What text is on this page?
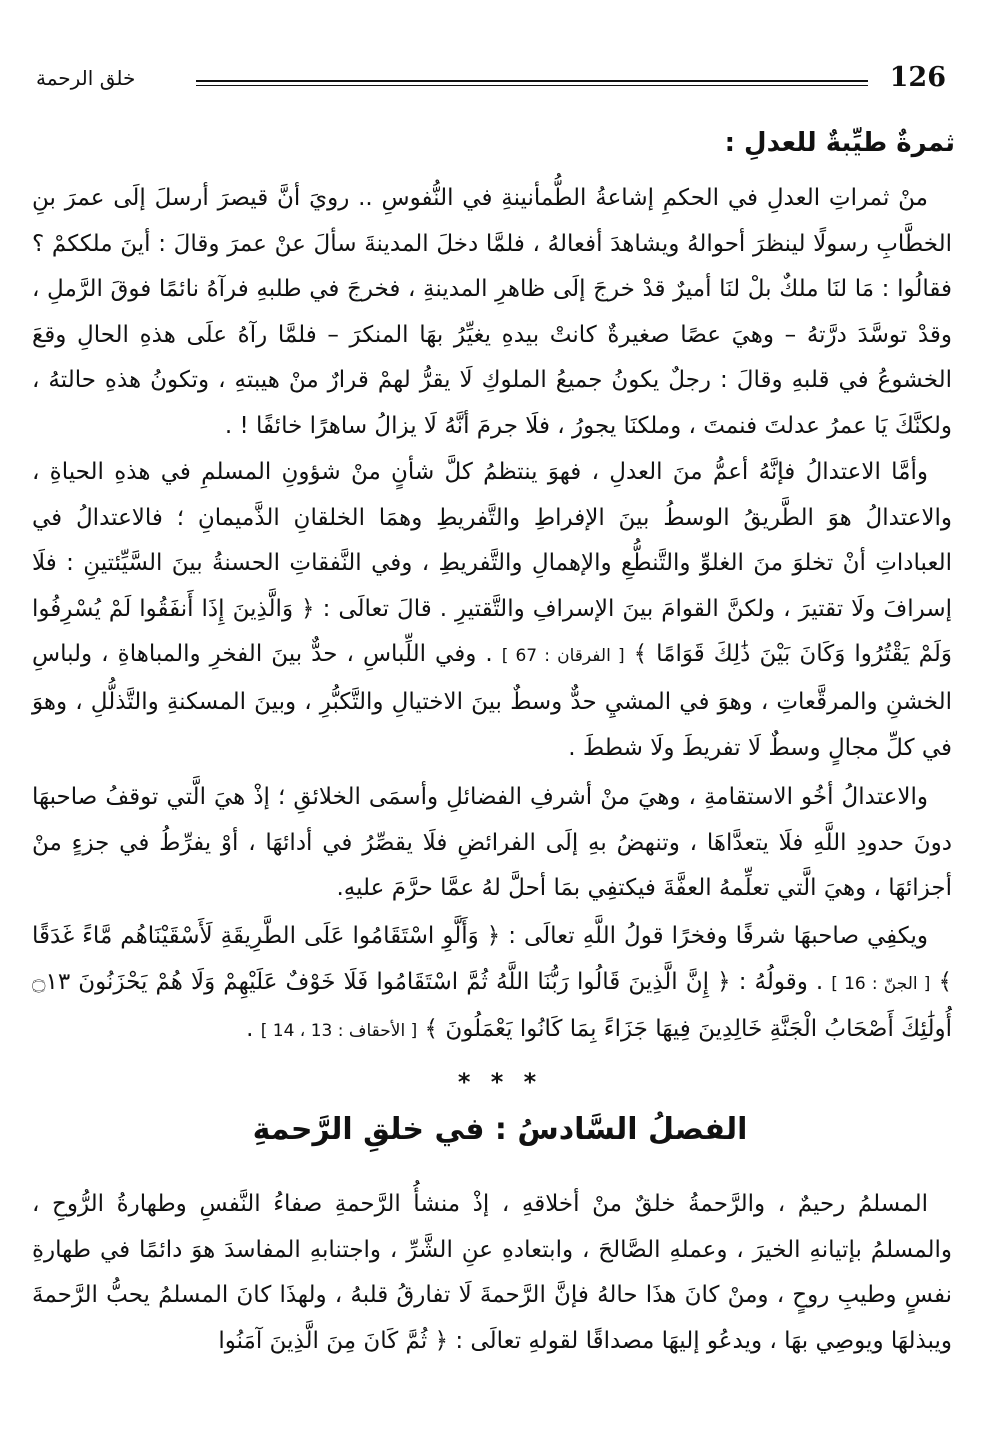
126
خلق الرحمة
ثمرةٌ طيِّبةٌ للعدلِ :

منْ ثمراتِ العدلِ في الحكمِ إشاعةُ الطُّمأنينةِ في النُّفوسِ .. رويَ أنَّ قيصرَ أرسلَ إلَى عمرَ بنِ الخطَّابِ رسولًا لينظرَ أحوالهُ ويشاهدَ أفعالهُ ، فلمَّا دخلَ المدينةَ سألَ عنْ عمرَ وقالَ : أينَ ملككمْ ؟ فقالُوا : مَا لنَا ملكٌ بلْ لنَا أميرٌ قدْ خرجَ إلَى ظاهرِ المدينةِ ، فخرجَ في طلبهِ فرآهُ نائمًا فوقَ الرَّملِ ، وقدْ توسَّدَ درَّتهُ – وهيَ عصًا صغيرةٌ كانتْ بيدهِ يغيِّرُ بهَا المنكرَ – فلمَّا رآهُ علَى هذهِ الحالِ وقعَ الخشوعُ في قلبهِ وقالَ : رجلٌ يكونُ جميعُ الملوكِ لَا يقرُّ لهمْ قرارٌ منْ هيبتهِ ، وتكونُ هذهِ حالتهُ ، ولكنَّكَ يَا عمرُ عدلتَ فنمتَ ، وملكنَا يجورُ ، فلَا جرمَ أنَّهُ لَا يزالُ ساهرًا خائفًا ! .

وأمَّا الاعتدالُ فإنَّهُ أعمُّ منَ العدلِ ، فهوَ ينتظمُ كلَّ شأنٍ منْ شؤونِ المسلمِ في هذهِ الحياةِ ، والاعتدالُ هوَ الطَّريقُ الوسطُ بينَ الإفراطِ والتَّفريطِ وهمَا الخلقانِ الذَّميمانِ ؛ فالاعتدالُ في العباداتِ أنْ تخلوَ منَ الغلوِّ والتَّنطُّعِ والإهمالِ والتَّفريطِ ، وفي النَّفقاتِ الحسنةُ بينَ السَّيِّئتينِ : فلَا إسرافَ ولَا تقتيرَ ، ولكنَّ القوامَ بينَ الإسرافِ والتَّقتيرِ . قالَ تعالَى : ﴿ وَالَّذِينَ إِذَا أَنفَقُوا لَمْ يُسْرِفُوا وَلَمْ يَقْتُرُوا وَكَانَ بَيْنَ ذَٰلِكَ قَوَامًا ﴾ [ الفرقان : 67 ] . وفي اللِّباسِ ، حدٌّ بينَ الفخرِ والمباهاةِ ، ولباسِ الخشنِ والمرقَّعاتِ ، وهوَ في المشيِ حدٌّ وسطٌ بينَ الاختيالِ والتَّكبُّرِ ، وبينَ المسكنةِ والتَّذلُّلِ ، وهوَ في كلِّ مجالٍ وسطٌ لَا تفريطَ ولَا شططَ .

والاعتدالُ أخُو الاستقامةِ ، وهيَ منْ أشرفِ الفضائلِ وأسمَى الخلائقِ ؛ إذْ هيَ الَّتي توقفُ صاحبهَا دونَ حدودِ اللَّهِ فلَا يتعدَّاهَا ، وتنهضُ بهِ إلَى الفرائضِ فلَا يقصِّرُ في أدائهَا ، أوْ يفرِّطُ في جزءٍ منْ أجزائهَا ، وهيَ الَّتي تعلِّمهُ العفَّةَ فيكتفِي بمَا أحلَّ لهُ عمَّا حرَّمَ عليهِ.

ويكفِي صاحبهَا شرفًا وفخرًا قولُ اللَّهِ تعالَى : ﴿ وَأَلَّوِ اسْتَقَامُوا عَلَى الطَّرِيقَةِ لَأَسْقَيْنَاهُم مَّاءً غَدَقًا ﴾ [ الجنّ : 16 ] . وقولُهُ : ﴿ إِنَّ الَّذِينَ قَالُوا رَبُّنَا اللَّهُ ثُمَّ اسْتَقَامُوا فَلَا خَوْفٌ عَلَيْهِمْ وَلَا هُمْ يَحْزَنُونَ ۝١٣ أُولَٰئِكَ أَصْحَابُ الْجَنَّةِ خَالِدِينَ فِيهَا جَزَاءً بِمَا كَانُوا يَعْمَلُونَ ﴾ [ الأحقاف : 13 ، 14 ] .

* * *
الفصلُ السَّادسُ : في خلقِ الرَّحمةِ

المسلمُ رحيمٌ ، والرَّحمةُ خلقٌ منْ أخلاقهِ ، إذْ منشأُ الرَّحمةِ صفاءُ النَّفسِ وطهارةُ الرُّوحِ ، والمسلمُ بإتيانهِ الخيرَ ، وعملهِ الصَّالحَ ، وابتعادهِ عنِ الشَّرِّ ، واجتنابهِ المفاسدَ هوَ دائمًا في طهارةِ نفسٍ وطيبِ روحٍ ، ومنْ كانَ هذَا حالهُ فإنَّ الرَّحمةَ لَا تفارقُ قلبهُ ، ولهذَا كانَ المسلمُ يحبُّ الرَّحمةَ ويبذلهَا ويوصِي بهَا ، ويدعُو إليهَا مصداقًا لقولهِ تعالَى : ﴿ ثُمَّ كَانَ مِنَ الَّذِينَ آمَنُوا
